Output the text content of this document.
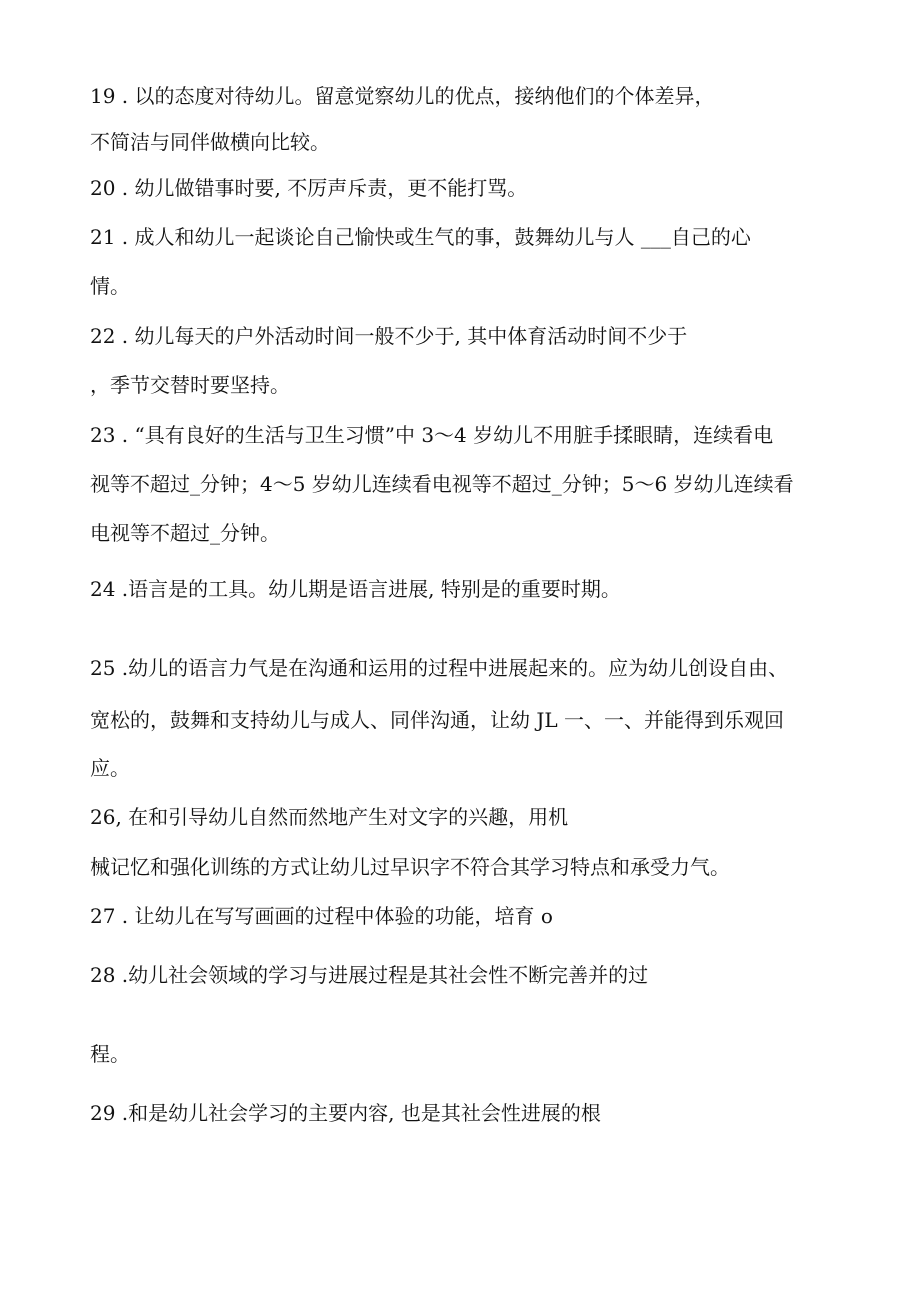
19 . 以的态度对待幼儿。留意觉察幼儿的优点，接纳他们的个体差异，

不简洁与同伴做横向比较。

20 . 幼儿做错事时要, 不厉声斥责，更不能打骂。

21 . 成人和幼儿一起谈论自己愉快或生气的事，鼓舞幼儿与人 ___自己的心

情。

22 . 幼儿每天的户外活动时间一般不少于, 其中体育活动时间不少于

，季节交替时要坚持。

23 . “具有良好的生活与卫生习惯”中 3～4 岁幼儿不用脏手揉眼睛，连续看电

视等不超过_分钟；4～5 岁幼儿连续看电视等不超过_分钟；5～6 岁幼儿连续看

电视等不超过_分钟。

24 .语言是的工具。幼儿期是语言进展, 特别是的重要时期。

25 .幼儿的语言力气是在沟通和运用的过程中进展起来的。应为幼儿创设自由、

宽松的，鼓舞和支持幼儿与成人、同伴沟通，让幼 JL 一、一、并能得到乐观回

应。

26, 在和引导幼儿自然而然地产生对文字的兴趣，用机

械记忆和强化训练的方式让幼儿过早识字不符合其学习特点和承受力气。

27 . 让幼儿在写写画画的过程中体验的功能，培育 o

28 .幼儿社会领域的学习与进展过程是其社会性不断完善并的过

程。

29 .和是幼儿社会学习的主要内容, 也是其社会性进展的根
